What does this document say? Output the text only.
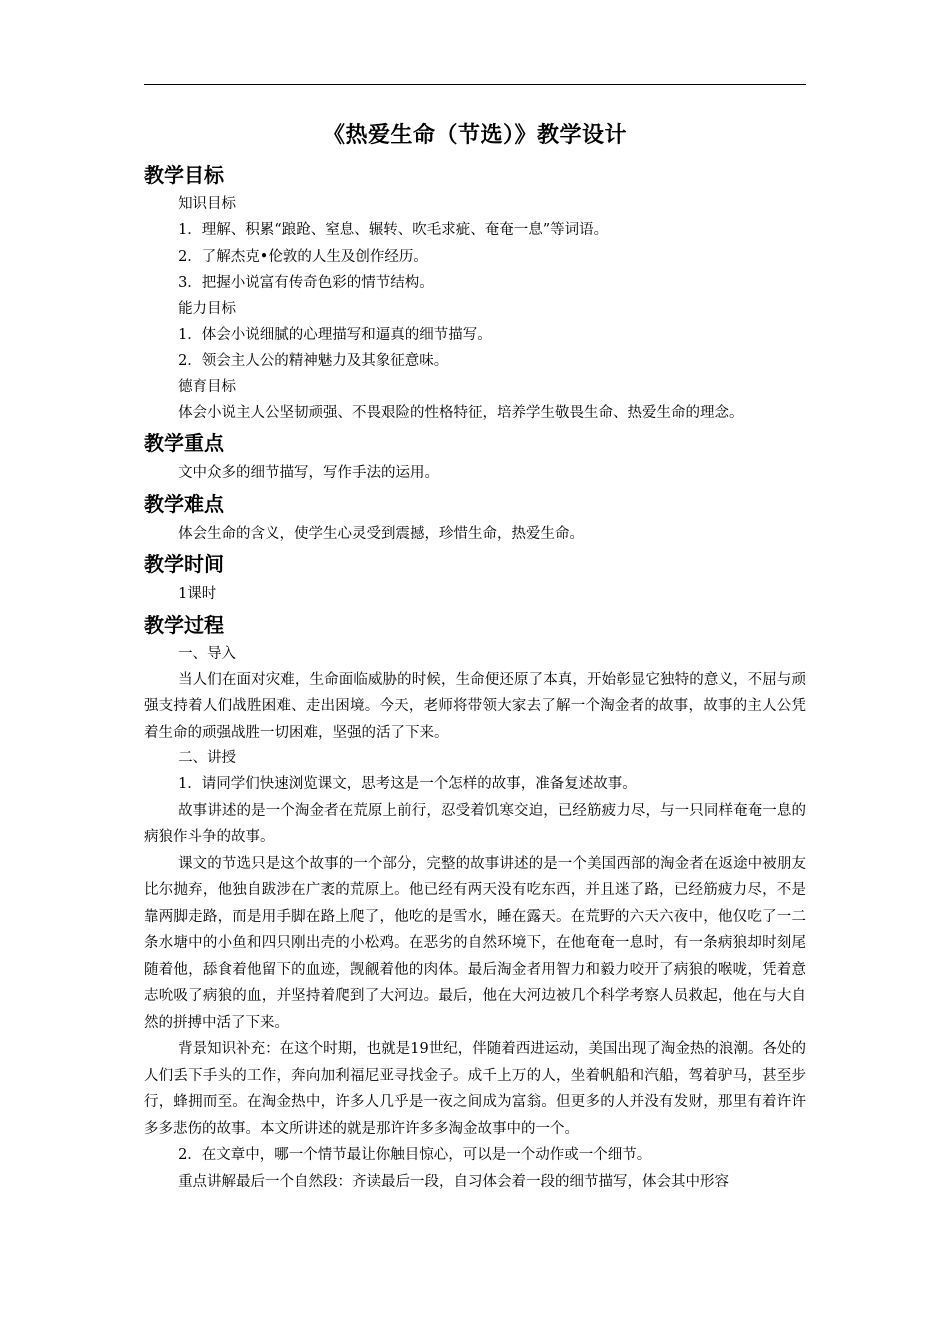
《热爱生命（节选）》教学设计
教学目标

知识目标

1．理解、积累“踉跄、窒息、辗转、吹毛求疵、奄奄一息”等词语。

2．了解杰克•伦敦的人生及创作经历。

3．把握小说富有传奇色彩的情节结构。

能力目标

1．体会小说细腻的心理描写和逼真的细节描写。

2．领会主人公的精神魅力及其象征意味。

德育目标

体会小说主人公坚韧顽强、不畏艰险的性格特征，培养学生敬畏生命、热爱生命的理念。

教学重点

文中众多的细节描写，写作手法的运用。

教学难点

体会生命的含义，使学生心灵受到震撼，珍惜生命，热爱生命。

教学时间

1课时

教学过程

一、导入

当人们在面对灾难，生命面临威胁的时候，生命便还原了本真，开始彰显它独特的意义，不屈与顽强支持着人们战胜困难、走出困境。今天，老师将带领大家去了解一个淘金者的故事，故事的主人公凭着生命的顽强战胜一切困难，坚强的活了下来。

二、讲授

1．请同学们快速浏览课文，思考这是一个怎样的故事，准备复述故事。

故事讲述的是一个淘金者在荒原上前行，忍受着饥寒交迫，已经筋疲力尽，与一只同样奄奄一息的病狼作斗争的故事。

课文的节选只是这个故事的一个部分，完整的故事讲述的是一个美国西部的淘金者在返途中被朋友比尔抛弃，他独自跋涉在广袤的荒原上。他已经有两天没有吃东西，并且迷了路，已经筋疲力尽，不是靠两脚走路，而是用手脚在路上爬了，他吃的是雪水，睡在露天。在荒野的六天六夜中，他仅吃了一二条水塘中的小鱼和四只刚出壳的小松鸡。在恶劣的自然环境下，在他奄奄一息时，有一条病狼却时刻尾随着他，舔食着他留下的血迹，觊觎着他的肉体。最后淘金者用智力和毅力咬开了病狼的喉咙，凭着意志吮吸了病狼的血，并坚持着爬到了大河边。最后，他在大河边被几个科学考察人员救起，他在与大自然的拼搏中活了下来。

背景知识补充：在这个时期，也就是19世纪，伴随着西进运动，美国出现了淘金热的浪潮。各处的人们丢下手头的工作，奔向加利福尼亚寻找金子。成千上万的人，坐着帆船和汽船，驾着驴马，甚至步行，蜂拥而至。在淘金热中，许多人几乎是一夜之间成为富翁。但更多的人并没有发财，那里有着许许多多悲伤的故事。本文所讲述的就是那许许多多淘金故事中的一个。

2．在文章中，哪一个情节最让你触目惊心，可以是一个动作或一个细节。

重点讲解最后一个自然段：齐读最后一段，自习体会着一段的细节描写，体会其中形容
